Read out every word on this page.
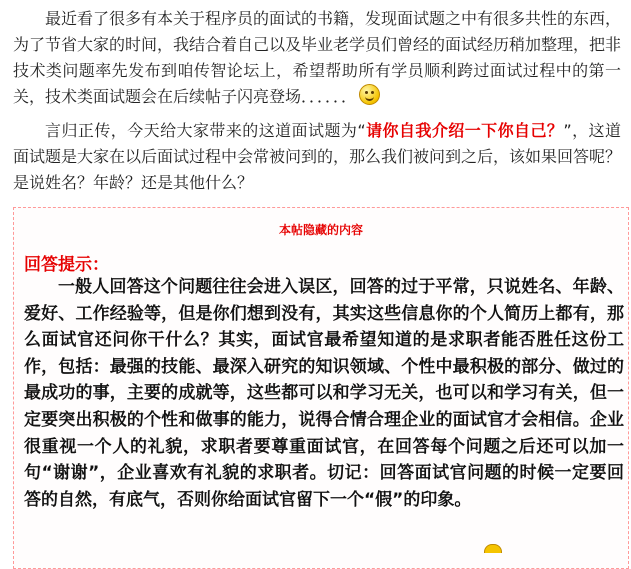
最近看了很多有本关于程序员的面试的书籍，发现面试题之中有很多共性的东西，为了节省大家的时间，我结合着自己以及毕业老学员们曾经的面试经历稍加整理，把非技术类问题率先发布到咱传智论坛上，希望帮助所有学员顺利跨过面试过程中的第一关，技术类面试题会在后续帖子闪亮登场．．．．．．

言归正传，今天给大家带来的这道面试题为“请你自我介绍一下你自己？”，这道面试题是大家在以后面试过程中会常被问到的，那么我们被问到之后，该如果回答呢？是说姓名？年龄？还是其他什么？

本帖隐藏的内容
回答提示：

一般人回答这个问题往往会进入误区，回答的过于平常，只说姓名、年龄、爱好、工作经验等，但是你们想到没有，其实这些信息你的个人简历上都有，那么面试官还问你干什么？其实，面试官最希望知道的是求职者能否胜任这份工作，包括：最强的技能、最深入研究的知识领域、个性中最积极的部分、做过的最成功的事，主要的成就等，这些都可以和学习无关，也可以和学习有关，但一定要突出积极的个性和做事的能力，说得合情合理企业的面试官才会相信。企业很重视一个人的礼貌，求职者要尊重面试官，在回答每个问题之后还可以加一句“谢谢”，企业喜欢有礼貌的求职者。切记：回答面试官问题的时候一定要回答的自然，有底气，否则你给面试官留下一个“假”的印象。
